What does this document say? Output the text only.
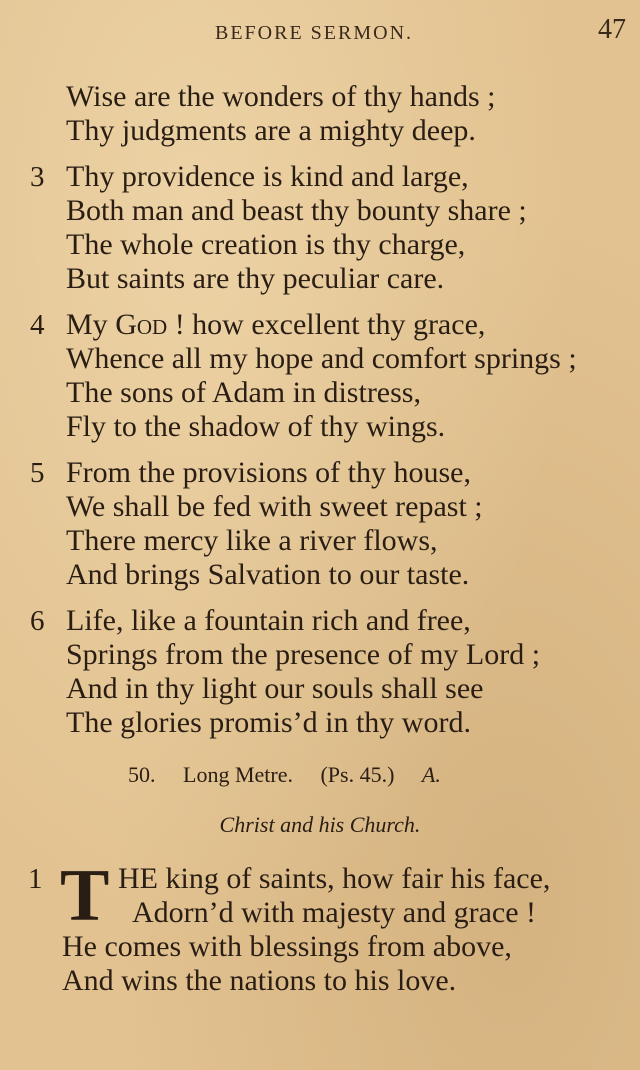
BEFORE SERMON.	47
Wise are the wonders of thy hands ;
Thy judgments are a mighty deep.
3 Thy providence is kind and large,
Both man and beast thy bounty share ;
The whole creation is thy charge,
But saints are thy peculiar care.
4 My God ! how excellent thy grace,
Whence all my hope and comfort springs ;
The sons of Adam in distress,
Fly to the shadow of thy wings.
5 From the provisions of thy house,
We shall be fed with sweet repast ;
There mercy like a river flows,
And brings Salvation to our taste.
6 Life, like a fountain rich and free,
Springs from the presence of my Lord ;
And in thy light our souls shall see
The glories promis’d in thy word.
50. Long Metre. (Ps. 45.) A.
Christ and his Church.
1 T HE king of saints, how fair his face,
Adorn’d with majesty and grace !
He comes with blessings from above,
And wins the nations to his love.
